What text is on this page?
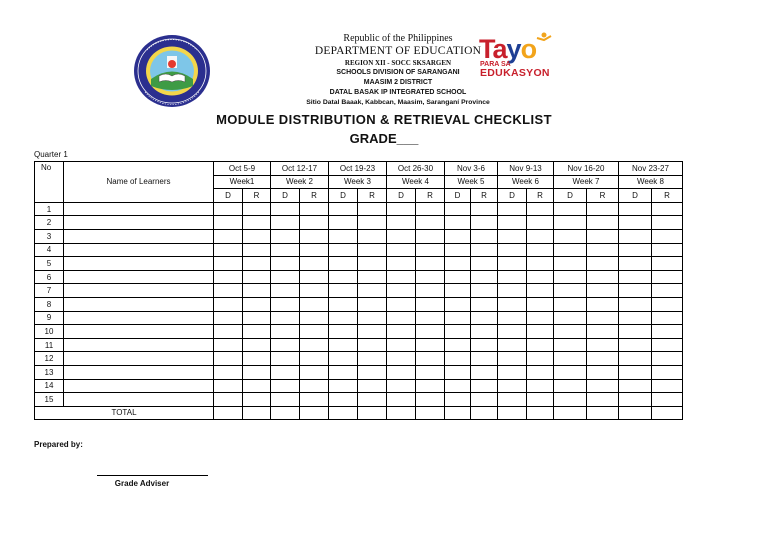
Republic of the Philippines
DEPARTMENT OF EDUCATION
REGION XII - SOCC SKSARGEN
SCHOOLS DIVISION OF SARANGANI
MAASIM 2 DISTRICT
DATAL BASAK IP INTEGRATED SCHOOL
Sitio Datal Baaak, Kabbcan, Maasim, Saranganí Province
Tayo
PARA SA
EDUKASYON
MODULE DISTRIBUTION & RETRIEVAL CHECKLIST
GRADE___
Quarter 1
No	Name of Learners	Oct 5-9		Oct 12-17		Oct 19-23		Oct 26-30		Nov 3-6		Nov 9-13		Nov 16-20		Nov 23-27	
		Week1		Week 2		Week 3		Week 4		Week 5		Week 6		Week 7		Week 8	
		D	R	D	R	D	R	D	R	D	R	D	R	D	R	D	R
1																	
2																	
3																	
4																	
5																	
6																	
7																	
8																	
9																	
10																	
11																	
12																	
13																	
14																	
15																	
TOTAL																	
Prepared by:
Grade Adviser
